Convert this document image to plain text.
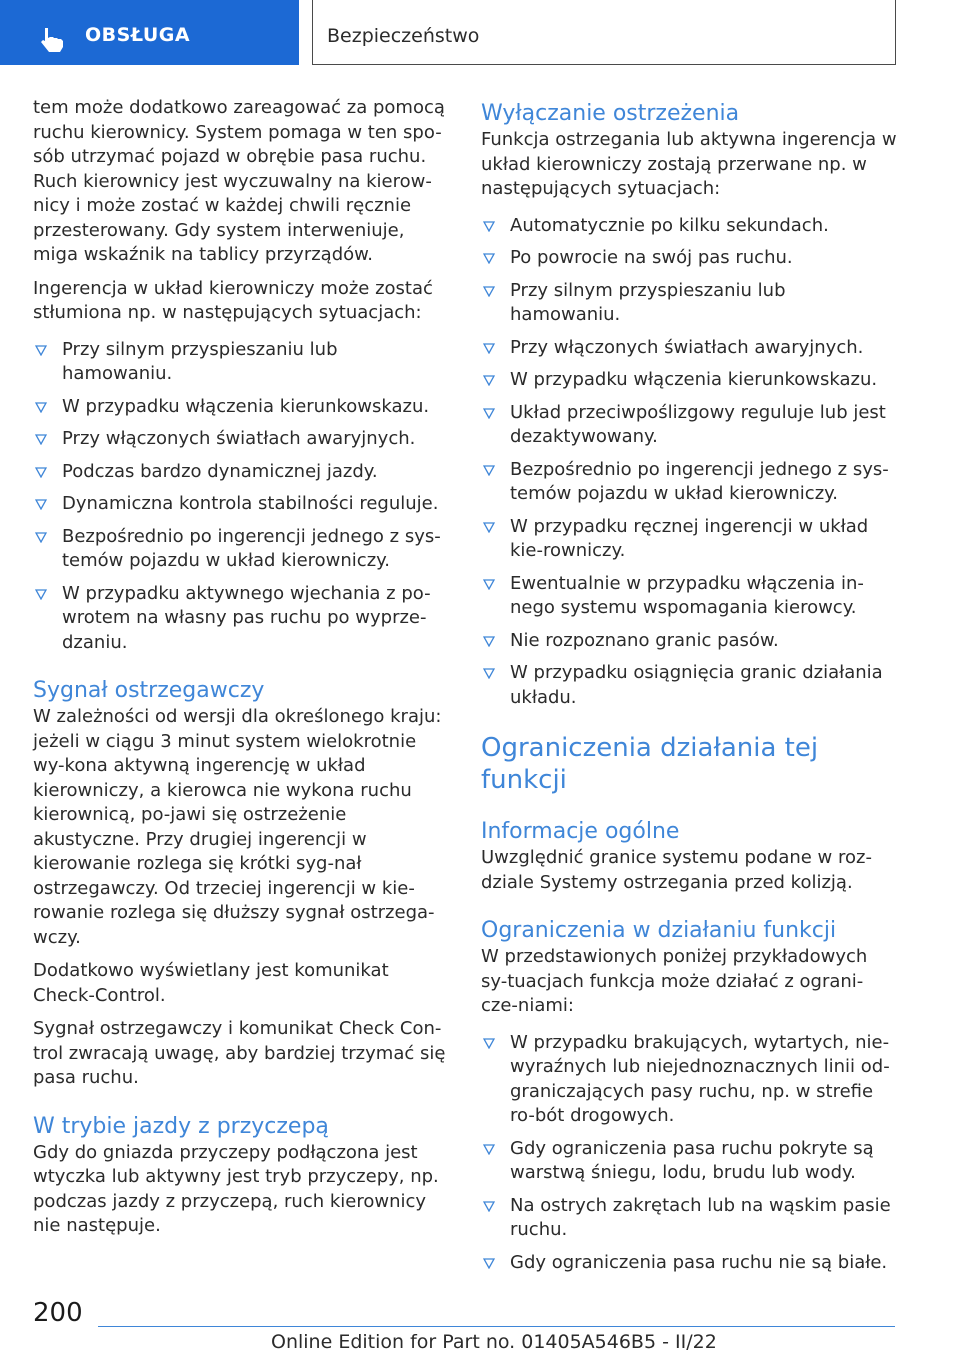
OBSŁUGA	Bezpieczeństwo

tem może dodatkowo zareagować za pomocą ruchu kierownicy. System pomaga w ten spo-sób utrzymać pojazd w obrębie pasa ruchu. Ruch kierownicy jest wyczuwalny na kierow-nicy i może zostać w każdej chwili ręcznie przesterowany. Gdy system interweniuje, miga wskaźnik na tablicy przyrządów.

Ingerencja w układ kierowniczy może zostać stłumiona np. w następujących sytuacjach:

Przy silnym przyspieszaniu lub hamowaniu.
W przypadku włączenia kierunkowskazu.
Przy włączonych światłach awaryjnych.
Podczas bardzo dynamicznej jazdy.
Dynamiczna kontrola stabilności reguluje.
Bezpośrednio po ingerencji jednego z sys-temów pojazdu w układ kierowniczy.
W przypadku aktywnego wjechania z po-wrotem na własny pas ruchu po wyprze-dzaniu.
Sygnał ostrzegawczy

W zależności od wersji dla określonego kraju: jeżeli w ciągu 3 minut system wielokrotnie wy-kona aktywną ingerencję w układ kierowniczy, a kierowca nie wykona ruchu kierownicą, po-jawi się ostrzeżenie akustyczne. Przy drugiej ingerencji w kierowanie rozlega się krótki syg-nał ostrzegawczy. Od trzeciej ingerencji w kie-rowanie rozlega się dłuższy sygnał ostrzega-wczy.

Dodatkowo wyświetlany jest komunikat Check-Control.

Sygnał ostrzegawczy i komunikat Check Con-trol zwracają uwagę, aby bardziej trzymać się pasa ruchu.

W trybie jazdy z przyczepą

Gdy do gniazda przyczepy podłączona jest wtyczka lub aktywny jest tryb przyczepy, np. podczas jazdy z przyczepą, ruch kierownicy nie następuje.

Wyłączanie ostrzeżenia

Funkcja ostrzegania lub aktywna ingerencja w układ kierowniczy zostają przerwane np. w następujących sytuacjach:

Automatycznie po kilku sekundach.
Po powrocie na swój pas ruchu.
Przy silnym przyspieszaniu lub hamowaniu.
Przy włączonych światłach awaryjnych.
W przypadku włączenia kierunkowskazu.
Układ przeciwpoślizgowy reguluje lub jest dezaktywowany.
Bezpośrednio po ingerencji jednego z sys-temów pojazdu w układ kierowniczy.
W przypadku ręcznej ingerencji w układ kie-rowniczy.
Ewentualnie w przypadku włączenia in-nego systemu wspomagania kierowcy.
Nie rozpoznano granic pasów.
W przypadku osiągnięcia granic działania układu.
Ograniczenia działania tej funkcji
Informacje ogólne

Uwzględnić granice systemu podane w roz-dziale Systemy ostrzegania przed kolizją.

Ograniczenia w działaniu funkcji

W przedstawionych poniżej przykładowych sy-tuacjach funkcja może działać z ograni-cze-niami:

W przypadku brakujących, wytartych, nie-wyraźnych lub niejednoznacznych linii od-graniczających pasy ruchu, np. w strefie ro-bót drogowych.
Gdy ograniczenia pasa ruchu pokryte są warstwą śniegu, lodu, brudu lub wody.
Na ostrych zakrętach lub na wąskim pasie ruchu.
Gdy ograniczenia pasa ruchu nie są białe.
200
Online Edition for Part no. 01405A546B5 - II/22
